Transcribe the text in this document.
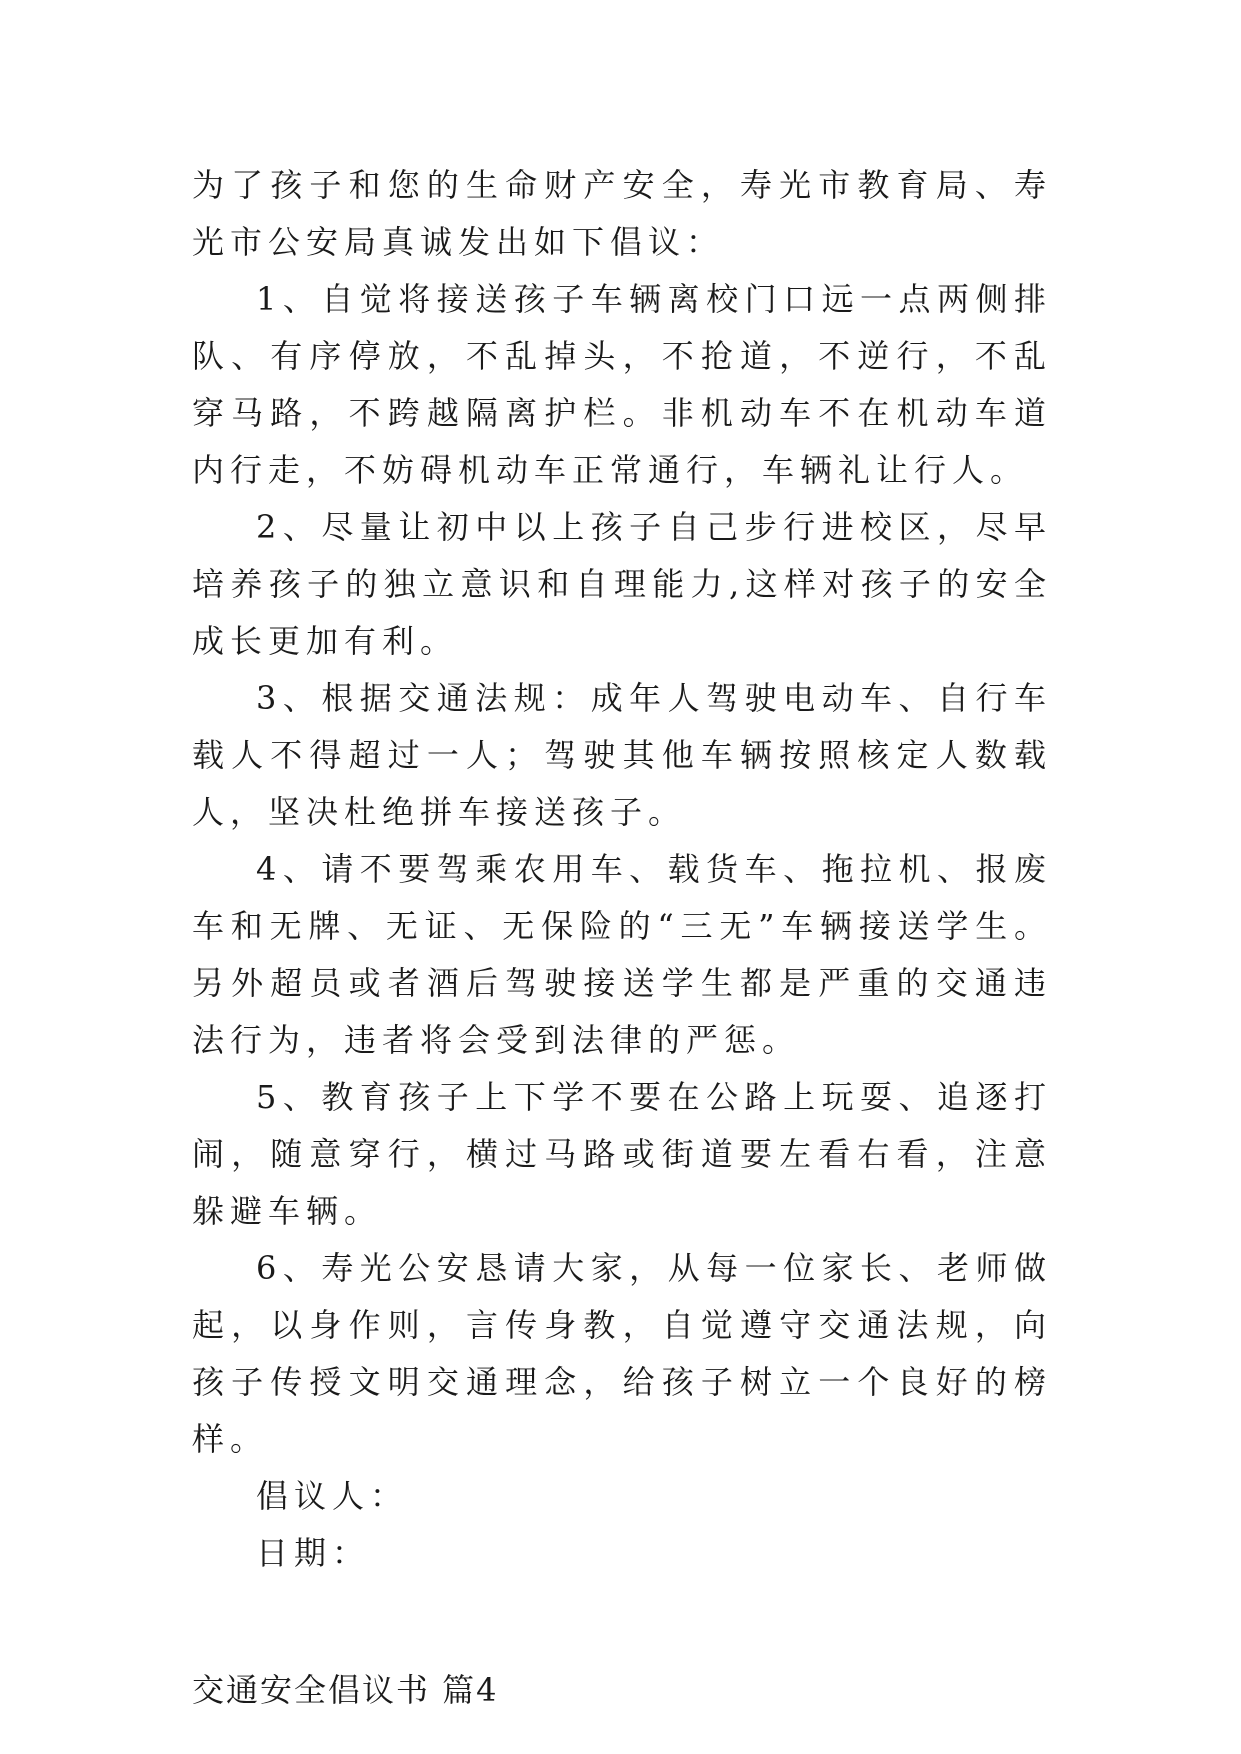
为了孩子和您的生命财产安全，寿光市教育局、寿光市公安局真诚发出如下倡议：

1、自觉将接送孩子车辆离校门口远一点两侧排队、有序停放，不乱掉头，不抢道，不逆行，不乱穿马路，不跨越隔离护栏。非机动车不在机动车道内行走，不妨碍机动车正常通行，车辆礼让行人。

2、尽量让初中以上孩子自己步行进校区，尽早培养孩子的独立意识和自理能力,这样对孩子的安全成长更加有利。

3、根据交通法规：成年人驾驶电动车、自行车载人不得超过一人；驾驶其他车辆按照核定人数载人，坚决杜绝拼车接送孩子。

4、请不要驾乘农用车、载货车、拖拉机、报废车和无牌、无证、无保险的“三无”车辆接送学生。另外超员或者酒后驾驶接送学生都是严重的交通违法行为，违者将会受到法律的严惩。

5、教育孩子上下学不要在公路上玩耍、追逐打闹，随意穿行，横过马路或街道要左看右看，注意躲避车辆。

6、寿光公安恳请大家，从每一位家长、老师做起，以身作则，言传身教，自觉遵守交通法规，向孩子传授文明交通理念，给孩子树立一个良好的榜样。

倡议人：

日期：

交通安全倡议书 篇4
